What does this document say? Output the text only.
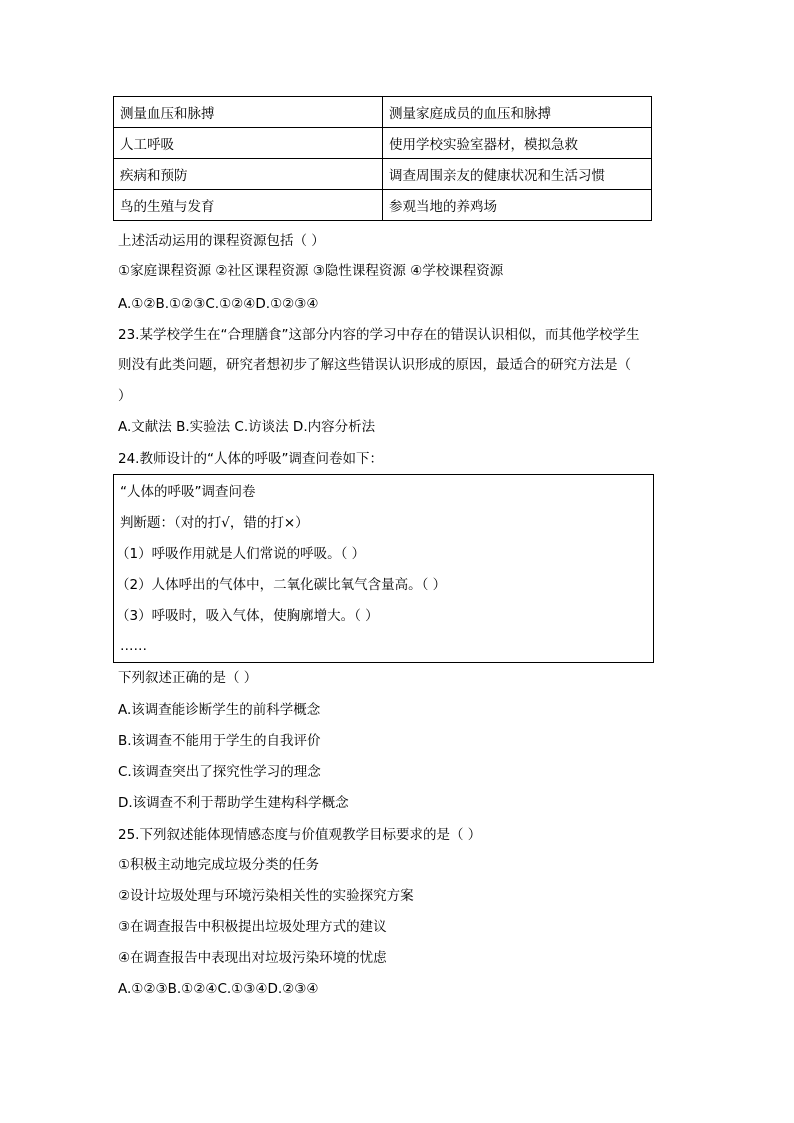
测量血压和脉搏	测量家庭成员的血压和脉搏
人工呼吸	使用学校实验室器材，模拟急救
疾病和预防	调查周围亲友的健康状况和生活习惯
鸟的生殖与发育	参观当地的养鸡场
上述活动运用的课程资源包括（ ）
①家庭课程资源 ②社区课程资源 ③隐性课程资源 ④学校课程资源
A.①②B.①②③C.①②④D.①②③④
23.某学校学生在“合理膳食”这部分内容的学习中存在的错误认识相似，而其他学校学生
则没有此类问题，研究者想初步了解这些错误认识形成的原因，最适合的研究方法是（
）
A.文献法 B.实验法 C.访谈法 D.内容分析法
24.教师设计的“人体的呼吸”调查问卷如下：
“人体的呼吸”调查问卷
判断题：（对的打√，错的打×）
（1）呼吸作用就是人们常说的呼吸。（ ）
（2）人体呼出的气体中，二氧化碳比氧气含量高。（ ）
（3）呼吸时，吸入气体，使胸廓增大。（ ）
……
下列叙述正确的是（ ）
A.该调查能诊断学生的前科学概念
B.该调查不能用于学生的自我评价
C.该调查突出了探究性学习的理念
D.该调查不利于帮助学生建构科学概念
25.下列叙述能体现情感态度与价值观教学目标要求的是（ ）
①积极主动地完成垃圾分类的任务
②设计垃圾处理与环境污染相关性的实验探究方案
③在调查报告中积极提出垃圾处理方式的建议
④在调查报告中表现出对垃圾污染环境的忧虑
A.①②③B.①②④C.①③④D.②③④
